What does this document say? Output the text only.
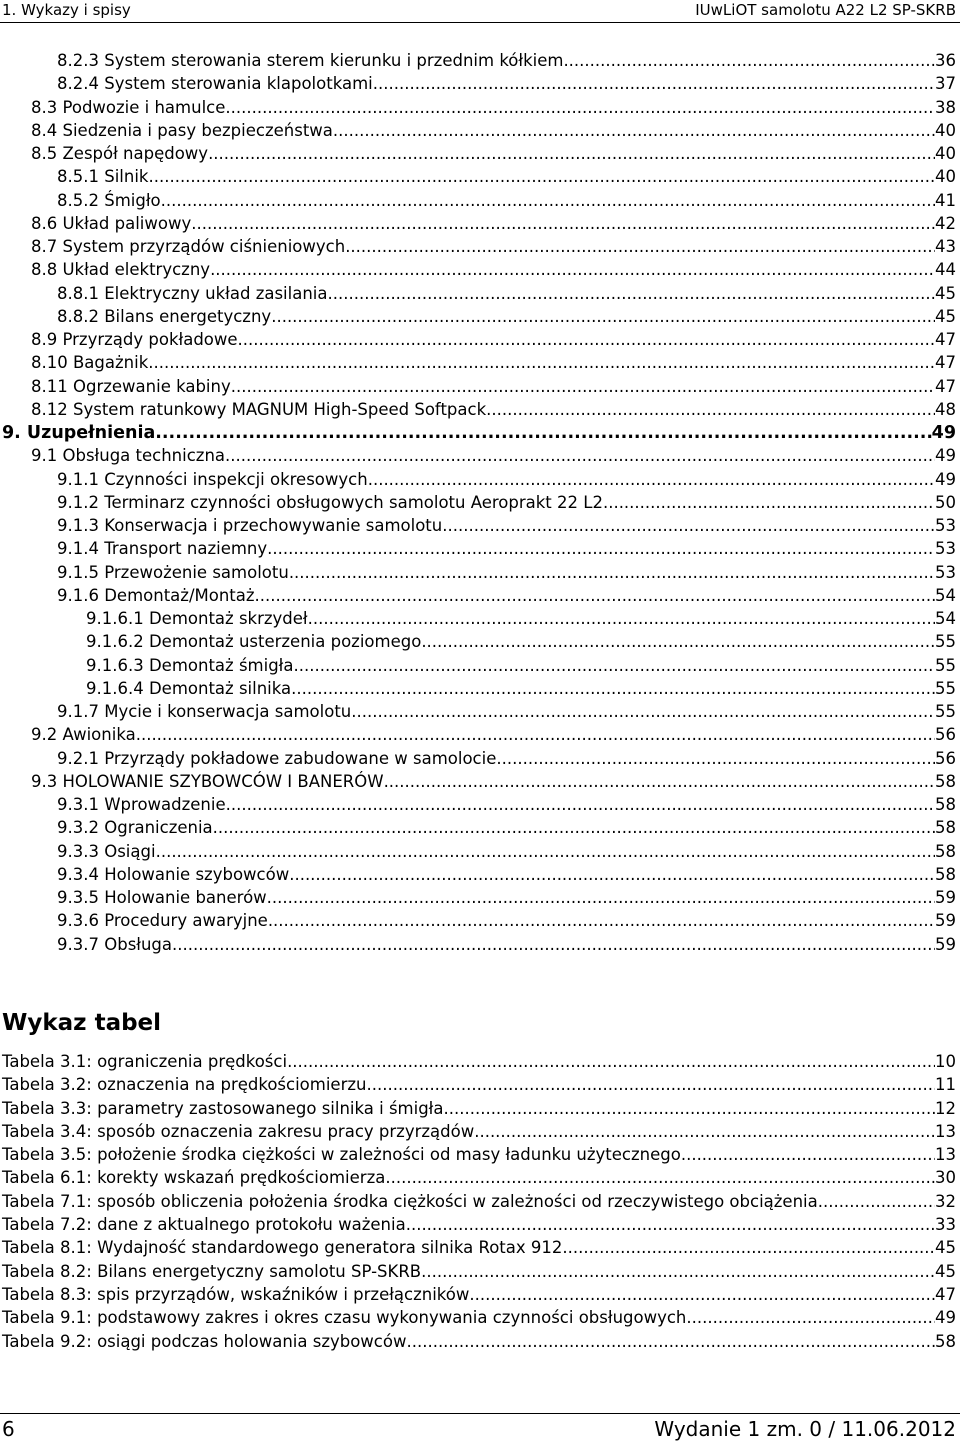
1. Wykazy i spisy	IUwLiOT samolotu A22 L2 SP-SKRB
8.2.3 System sterowania sterem kierunku i przednim kółkiem .....	36
8.2.4 System sterowania klapolotkami .....	37
8.3 Podwozie i hamulce .....	38
8.4 Siedzenia i pasy bezpieczeństwa .....	40
8.5 Zespół napędowy .....	40
8.5.1 Silnik .....	40
8.5.2 Śmigło .....	41
8.6 Układ paliwowy .....	42
8.7 System przyrządów ciśnieniowych .....	43
8.8 Układ elektryczny .....	44
8.8.1 Elektryczny układ zasilania .....	45
8.8.2 Bilans energetyczny .....	45
8.9 Przyrządy pokładowe .....	47
8.10 Bagażnik .....	47
8.11 Ogrzewanie kabiny .....	47
8.12 System ratunkowy MAGNUM High-Speed Softpack .....	48
9. Uzupełnienia .....	49
9.1 Obsługa techniczna .....	49
9.1.1 Czynności inspekcji okresowych .....	49
9.1.2 Terminarz czynności obsługowych samolotu Aeroprakt 22 L2 .....	50
9.1.3 Konserwacja i przechowywanie samolotu .....	53
9.1.4 Transport naziemny .....	53
9.1.5 Przewożenie samolotu .....	53
9.1.6 Demontaż/Montaż .....	54
9.1.6.1 Demontaż skrzydeł .....	54
9.1.6.2 Demontaż usterzenia poziomego .....	55
9.1.6.3 Demontaż śmigła .....	55
9.1.6.4 Demontaż silnika .....	55
9.1.7 Mycie i konserwacja samolotu .....	55
9.2 Awionika .....	56
9.2.1 Przyrządy pokładowe zabudowane w samolocie .....	56
9.3 HOLOWANIE SZYBOWCÓW I BANERÓW .....	58
9.3.1 Wprowadzenie .....	58
9.3.2 Ograniczenia .....	58
9.3.3 Osiągi .....	58
9.3.4 Holowanie szybowców .....	58
9.3.5 Holowanie banerów .....	59
9.3.6 Procedury awaryjne .....	59
9.3.7 Obsługa .....	59
Wykaz tabel
Tabela 3.1: ograniczenia prędkości .....	10
Tabela 3.2: oznaczenia na prędkościomierzu .....	11
Tabela 3.3: parametry zastosowanego silnika i śmigła .....	12
Tabela 3.4: sposób oznaczenia zakresu pracy przyrządów .....	13
Tabela 3.5: położenie środka ciężkości w zależności od masy ładunku użytecznego .....	13
Tabela 6.1: korekty wskazań prędkościomierza .....	30
Tabela 7.1: sposób obliczenia położenia środka ciężkości w zależności od rzeczywistego obciążenia .....	32
Tabela 7.2: dane z aktualnego protokołu ważenia .....	33
Tabela 8.1: Wydajność standardowego generatora silnika Rotax 912 .....	45
Tabela 8.2: Bilans energetyczny samolotu SP-SKRB .....	45
Tabela 8.3: spis przyrządów, wskaźników i przełączników .....	47
Tabela 9.1: podstawowy zakres i okres czasu wykonywania czynności obsługowych .....	49
Tabela 9.2: osiągi podczas holowania szybowców .....	58
6	Wydanie 1 zm. 0 / 11.06.2012
